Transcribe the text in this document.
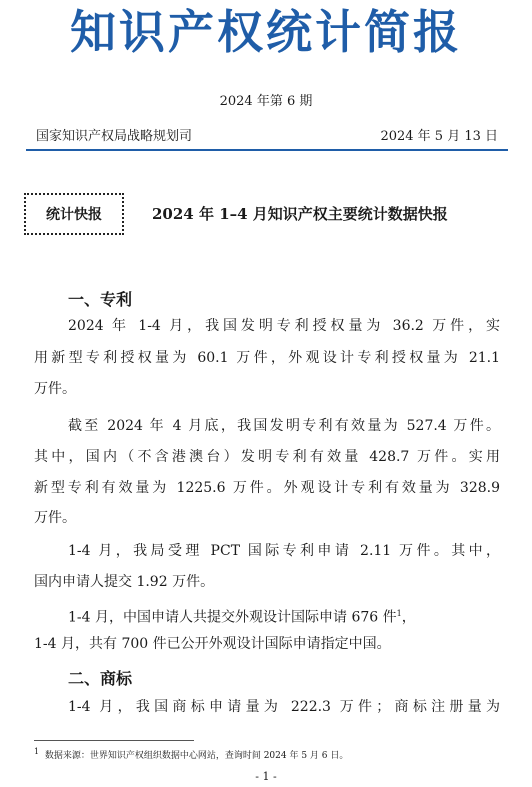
知识产权统计简报
2024 年第 6 期
国家知识产权局战略规划司	2024 年 5 月 13 日
统计快报	2024 年 1–4 月知识产权主要统计数据快报
一、专利
2024 年 1-4 月，我国发明专利授权量为 36.2 万件，实
用新型专利授权量为 60.1 万件，外观设计专利授权量为 21.1
万件。
截至 2024 年 4 月底，我国发明专利有效量为 527.4 万件。
其中，国内（不含港澳台）发明专利有效量 428.7 万件。实用
新型专利有效量为 1225.6 万件。外观设计专利有效量为 328.9
万件。
1-4 月，我局受理 PCT 国际专利申请 2.11 万件。其中，
国内申请人提交 1.92 万件。
1-4 月，中国申请人共提交外观设计国际申请 676 件$^1$，
1-4 月，共有 700 件已公开外观设计国际申请指定中国。
二、商标
1-4 月，我国商标申请量为 222.3 万件；商标注册量为
$^1$ 数据来源：世界知识产权组织数据中心网站，查询时间 2024 年 5 月 6 日。
- 1 -
